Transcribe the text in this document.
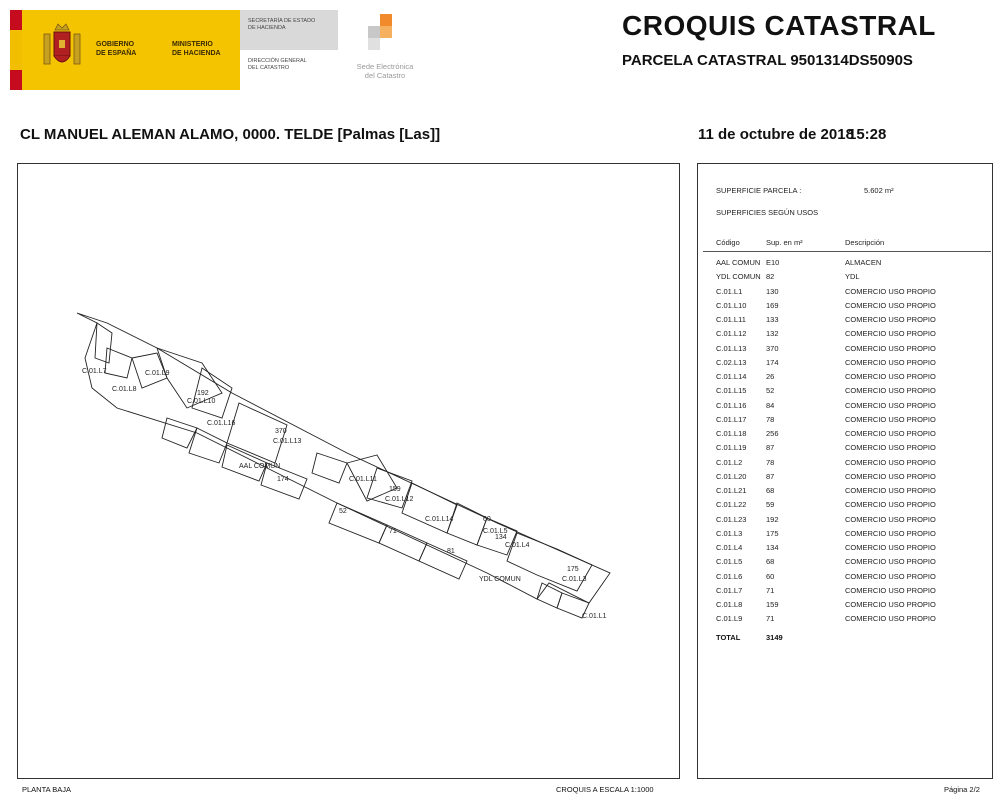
GOBIERNO
DE ESPAÑA
MINISTERIO
DE HACIENDA
SECRETARÍA DE ESTADO
DE HACIENDA
DIRECCIÓN GENERAL
DEL CATASTRO	Sede Electrónica
del Catastro
CROQUIS CATASTRAL
PARCELA CATASTRAL 9501314DS5090S
CL MANUEL ALEMAN ALAMO, 0000. TELDE [Palmas [Las]]	11 de octubre de 2018
15:28
C.01.L7
C.01.L8
C.01.L9
C.01.L10
C.01.L13
C.01.L16
C.01.L11
C.01.L12
C.01.L14
C.01.L5
C.01.L4
C.01.L3
C.01.L1
AAL COMUN
YDL COMUN
370
159
174
175
134
192
71
60
52
81
SUPERFICIE PARCELA :	5.602 m²
SUPERFICIES SEGÚN USOS
Código	Sup. en m²	Descripción
AAL COMUN E10	ALMACEN
YDL COMUN 82	YDL
C.01.L1	130	COMERCIO USO PROPIO
C.01.L10	169	COMERCIO USO PROPIO
C.01.L11	133	COMERCIO USO PROPIO
C.01.L12	132	COMERCIO USO PROPIO
C.01.L13	370	COMERCIO USO PROPIO
C.02.L13	174	COMERCIO USO PROPIO
C.01.L14	26	COMERCIO USO PROPIO
C.01.L15	52	COMERCIO USO PROPIO
C.01.L16	84	COMERCIO USO PROPIO
C.01.L17	78	COMERCIO USO PROPIO
C.01.L18	256	COMERCIO USO PROPIO
C.01.L19	87	COMERCIO USO PROPIO
C.01.L2	78	COMERCIO USO PROPIO
C.01.L20	87	COMERCIO USO PROPIO
C.01.L21	68	COMERCIO USO PROPIO
C.01.L22	59	COMERCIO USO PROPIO
C.01.L23	192	COMERCIO USO PROPIO
C.01.L3	175	COMERCIO USO PROPIO
C.01.L4	134	COMERCIO USO PROPIO
C.01.L5	68	COMERCIO USO PROPIO
C.01.L6	60	COMERCIO USO PROPIO
C.01.L7	71	COMERCIO USO PROPIO
C.01.L8	159	COMERCIO USO PROPIO
C.01.L9	71	COMERCIO USO PROPIO
TOTAL	3149
PLANTA BAJA	CROQUIS A ESCALA 1:1000	Página 2/2
